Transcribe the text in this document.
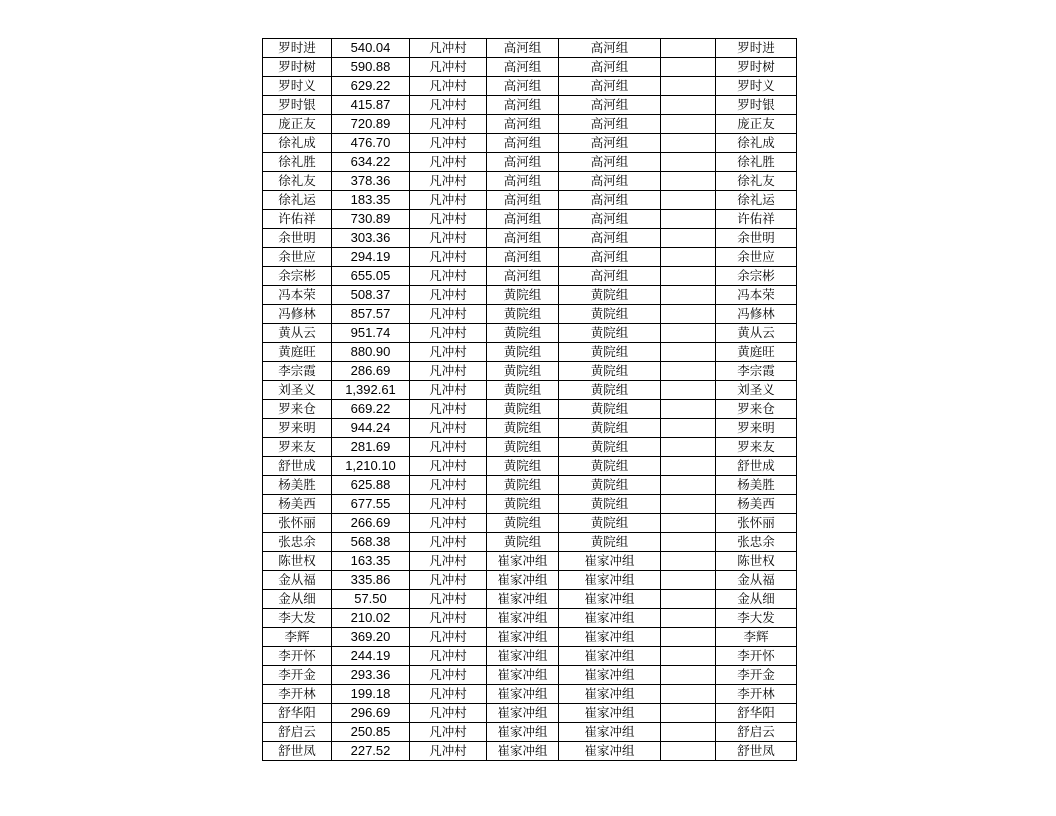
罗时进	540.04	凡冲村	高河组	高河组		罗时进
罗时树	590.88	凡冲村	高河组	高河组		罗时树
罗时义	629.22	凡冲村	高河组	高河组		罗时义
罗时银	415.87	凡冲村	高河组	高河组		罗时银
庞正友	720.89	凡冲村	高河组	高河组		庞正友
徐礼成	476.70	凡冲村	高河组	高河组		徐礼成
徐礼胜	634.22	凡冲村	高河组	高河组		徐礼胜
徐礼友	378.36	凡冲村	高河组	高河组		徐礼友
徐礼运	183.35	凡冲村	高河组	高河组		徐礼运
许佑祥	730.89	凡冲村	高河组	高河组		许佑祥
余世明	303.36	凡冲村	高河组	高河组		余世明
余世应	294.19	凡冲村	高河组	高河组		余世应
余宗彬	655.05	凡冲村	高河组	高河组		余宗彬
冯本荣	508.37	凡冲村	黄院组	黄院组		冯本荣
冯修林	857.57	凡冲村	黄院组	黄院组		冯修林
黄从云	951.74	凡冲村	黄院组	黄院组		黄从云
黄庭旺	880.90	凡冲村	黄院组	黄院组		黄庭旺
李宗霞	286.69	凡冲村	黄院组	黄院组		李宗霞
刘圣义	1,392.61	凡冲村	黄院组	黄院组		刘圣义
罗来仓	669.22	凡冲村	黄院组	黄院组		罗来仓
罗来明	944.24	凡冲村	黄院组	黄院组		罗来明
罗来友	281.69	凡冲村	黄院组	黄院组		罗来友
舒世成	1,210.10	凡冲村	黄院组	黄院组		舒世成
杨美胜	625.88	凡冲村	黄院组	黄院组		杨美胜
杨美西	677.55	凡冲村	黄院组	黄院组		杨美西
张怀丽	266.69	凡冲村	黄院组	黄院组		张怀丽
张忠余	568.38	凡冲村	黄院组	黄院组		张忠余
陈世权	163.35	凡冲村	崔家冲组	崔家冲组		陈世权
金从福	335.86	凡冲村	崔家冲组	崔家冲组		金从福
金从细	57.50	凡冲村	崔家冲组	崔家冲组		金从细
李大发	210.02	凡冲村	崔家冲组	崔家冲组		李大发
李辉	369.20	凡冲村	崔家冲组	崔家冲组		李辉
李开怀	244.19	凡冲村	崔家冲组	崔家冲组		李开怀
李开金	293.36	凡冲村	崔家冲组	崔家冲组		李开金
李开林	199.18	凡冲村	崔家冲组	崔家冲组		李开林
舒华阳	296.69	凡冲村	崔家冲组	崔家冲组		舒华阳
舒启云	250.85	凡冲村	崔家冲组	崔家冲组		舒启云
舒世凤	227.52	凡冲村	崔家冲组	崔家冲组		舒世凤
